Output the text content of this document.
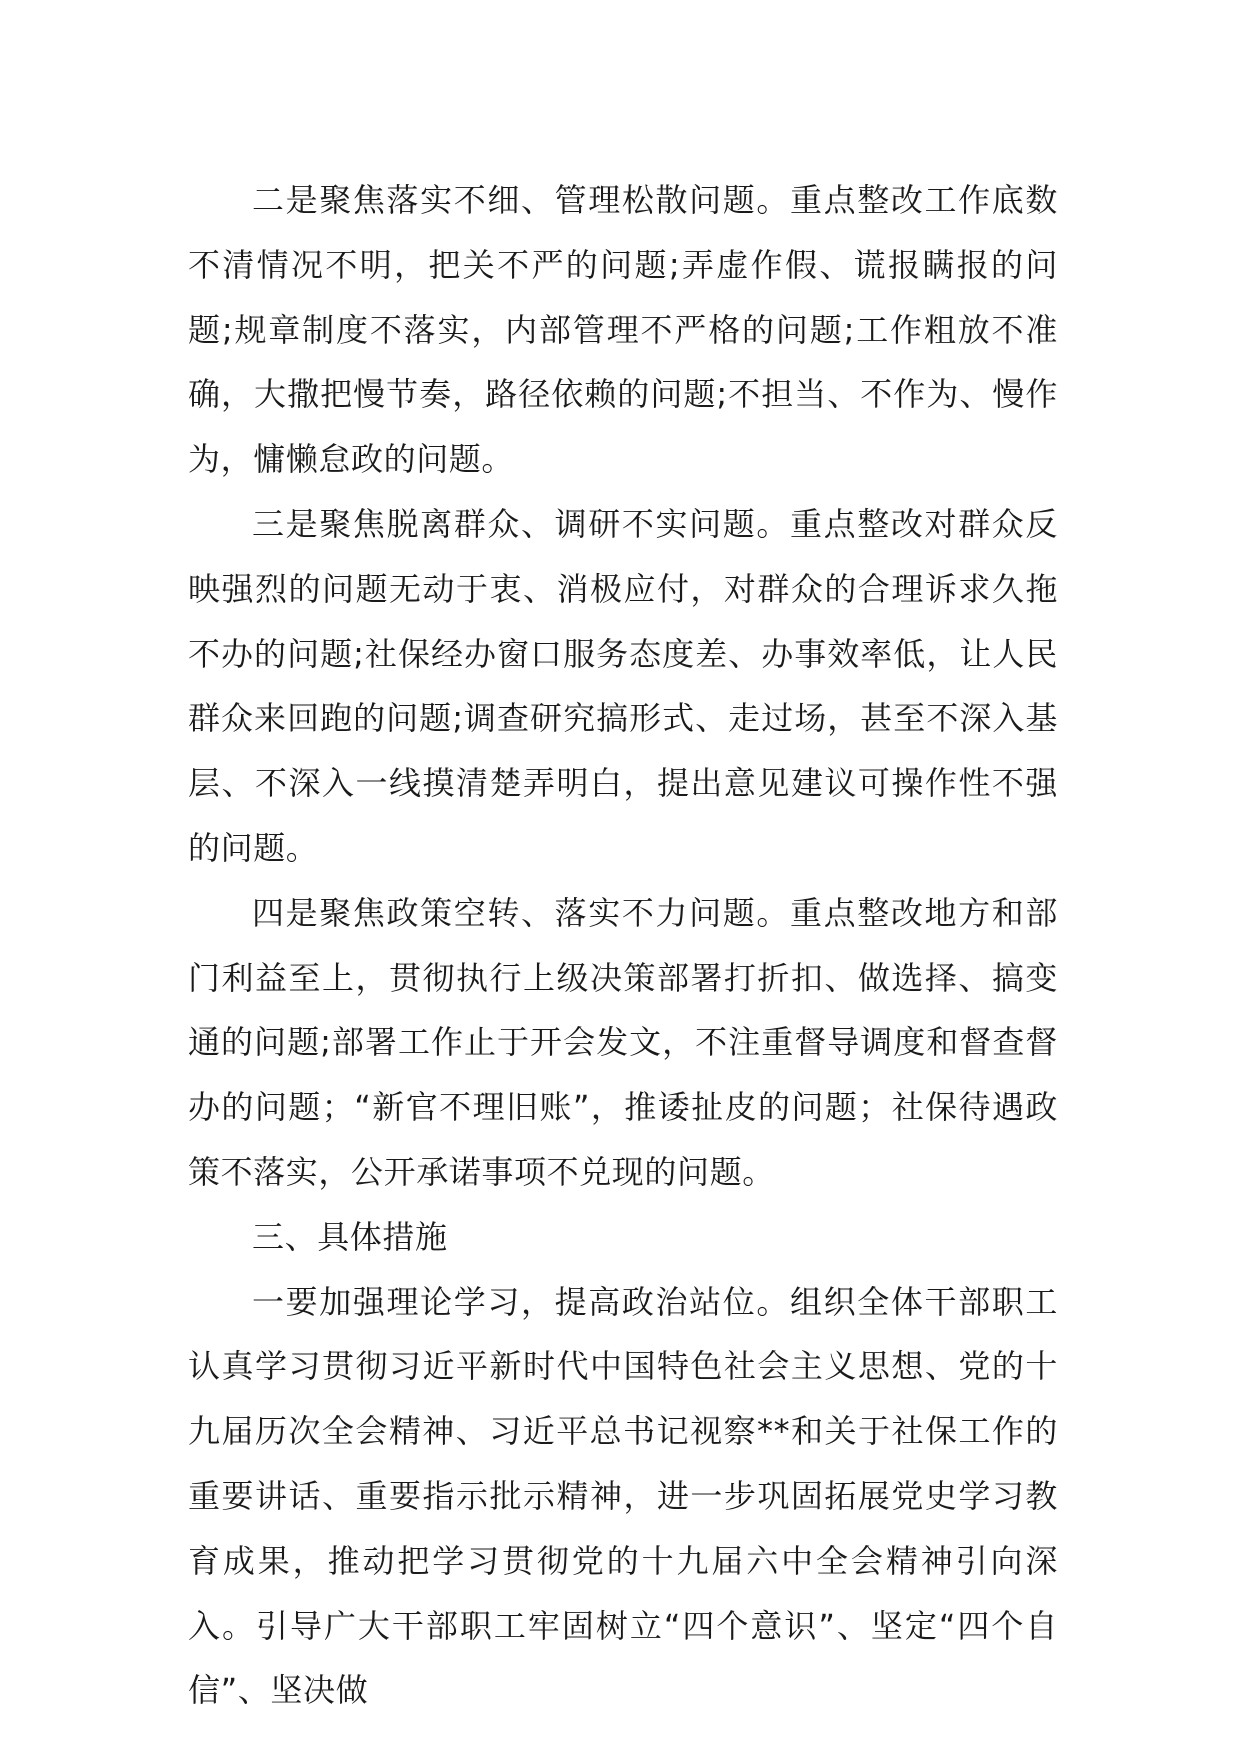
二是聚焦落实不细、管理松散问题。重点整改工作底数不清情况不明，把关不严的问题;弄虚作假、谎报瞒报的问题;规章制度不落实，内部管理不严格的问题;工作粗放不准确，大撒把慢节奏，路径依赖的问题;不担当、不作为、慢作为，慵懒怠政的问题。

三是聚焦脱离群众、调研不实问题。重点整改对群众反映强烈的问题无动于衷、消极应付，对群众的合理诉求久拖不办的问题;社保经办窗口服务态度差、办事效率低，让人民群众来回跑的问题;调查研究搞形式、走过场，甚至不深入基层、不深入一线摸清楚弄明白，提出意见建议可操作性不强的问题。

四是聚焦政策空转、落实不力问题。重点整改地方和部门利益至上，贯彻执行上级决策部署打折扣、做选择、搞变通的问题;部署工作止于开会发文，不注重督导调度和督查督办的问题；“新官不理旧账”，推诿扯皮的问题；社保待遇政策不落实，公开承诺事项不兑现的问题。

三、具体措施

一要加强理论学习，提高政治站位。组织全体干部职工认真学习贯彻习近平新时代中国特色社会主义思想、党的十九届历次全会精神、习近平总书记视察**和关于社保工作的重要讲话、重要指示批示精神，进一步巩固拓展党史学习教育成果，推动把学习贯彻党的十九届六中全会精神引向深入。引导广大干部职工牢固树立“四个意识”、坚定“四个自信”、坚决做
